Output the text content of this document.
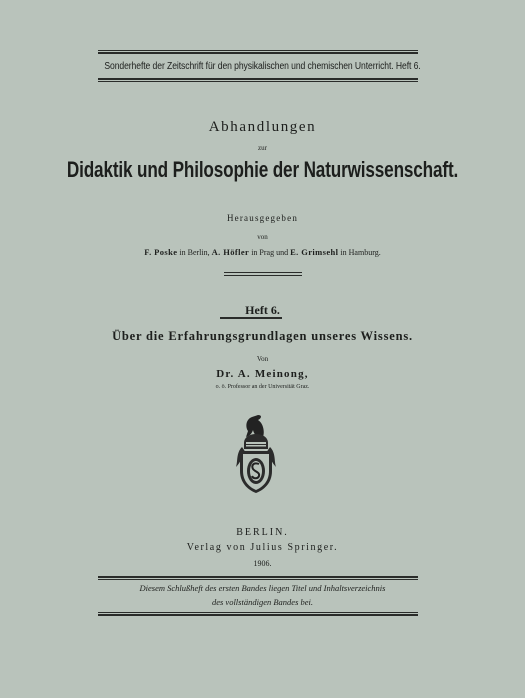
Sonderhefte der Zeitschrift für den physikalischen und chemischen Unterricht. Heft 6.
Abhandlungen
zur
Didaktik und Philosophie der Naturwissenschaft.
Herausgegeben
von
F. Poske in Berlin, A. Höfler in Prag und E. Grimsehl in Hamburg.
Heft 6.
Über die Erfahrungsgrundlagen unseres Wissens.
Von
Dr. A. Meinong,
o. ö. Professor an der Universität Graz.
BERLIN.
Verlag von Julius Springer.
1906.
Diesem Schlußheft des ersten Bandes liegen Titel und Inhaltsverzeichnis
des vollständigen Bandes bei.
